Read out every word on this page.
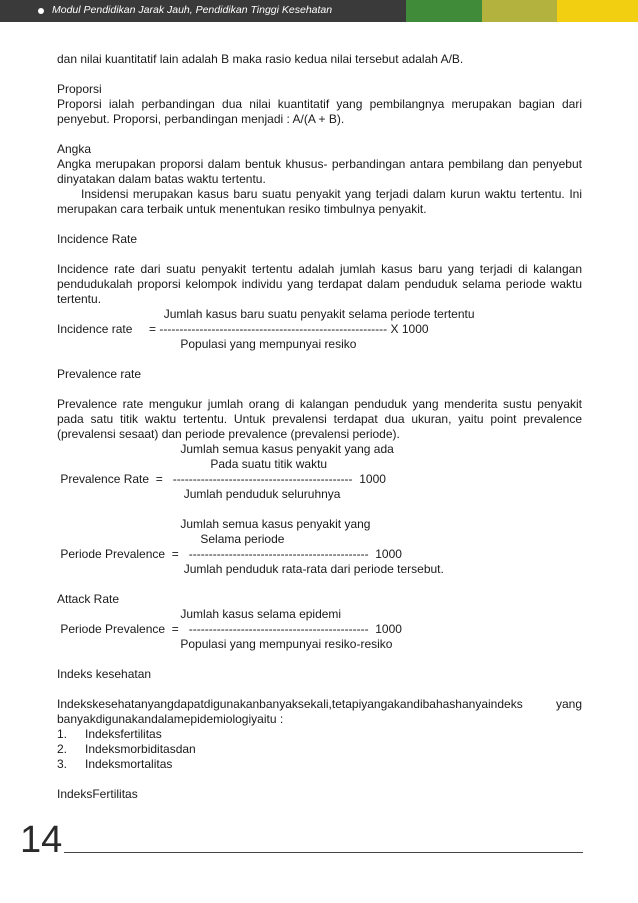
Modul Pendidikan Jarak Jauh, Pendidikan Tinggi Kesehatan

dan nilai kuantitatif lain adalah B maka rasio kedua nilai tersebut adalah A/B.

Proporsi

Proporsi ialah perbandingan dua nilai kuantitatif yang pembilangnya merupakan bagian dari penyebut. Proporsi, perbandingan menjadi : A/(A + B).

Angka

Angka merupakan proporsi dalam bentuk khusus- perbandingan antara pembilang dan penyebut dinyatakan dalam batas waktu tertentu.

Insidensi merupakan kasus baru suatu penyakit yang terjadi dalam kurun waktu tertentu. Ini merupakan cara terbaik untuk menentukan resiko timbulnya penyakit.

Incidence Rate

Incidence rate dari suatu penyakit tertentu adalah jumlah kasus baru yang terjadi di kalangan pendudukalah proporsi kelompok individu yang terdapat dalam penduduk selama periode waktu tertentu.

Jumlah kasus baru suatu penyakit selama periode tertentu

Incidence rate     = --------------------------------------------------------- X 1000

Populasi yang mempunyai resiko

Prevalence rate

Prevalence rate mengukur jumlah orang di kalangan penduduk yang menderita sustu penyakit pada satu titik waktu tertentu. Untuk prevalensi terdapat dua ukuran, yaitu point prevalence (prevalensi sesaat) dan periode prevalence (prevalensi periode).

Jumlah semua kasus penyakit yang ada

Pada suatu titik waktu

Prevalence Rate  =   ---------------------------------------------  1000

Jumlah penduduk seluruhnya

Jumlah semua kasus penyakit yang

Selama periode

Periode Prevalence  =   ---------------------------------------------  1000

Jumlah penduduk rata-rata dari periode tersebut.

Attack Rate

Jumlah kasus selama epidemi

Periode Prevalence  =   ---------------------------------------------  1000

Populasi yang mempunyai resiko-resiko

Indeks kesehatan

Indekskesehatanyangdapatdigunakanbanyaksekali,tetapiyangakandibahashanyaindeks yang banyakdigunakandalamepidemiologiyaitu :

1.	Indeksfertilitas
2.	Indeksmorbiditasdan
3.	Indeksmortalitas

IndeksFertilitas

14
